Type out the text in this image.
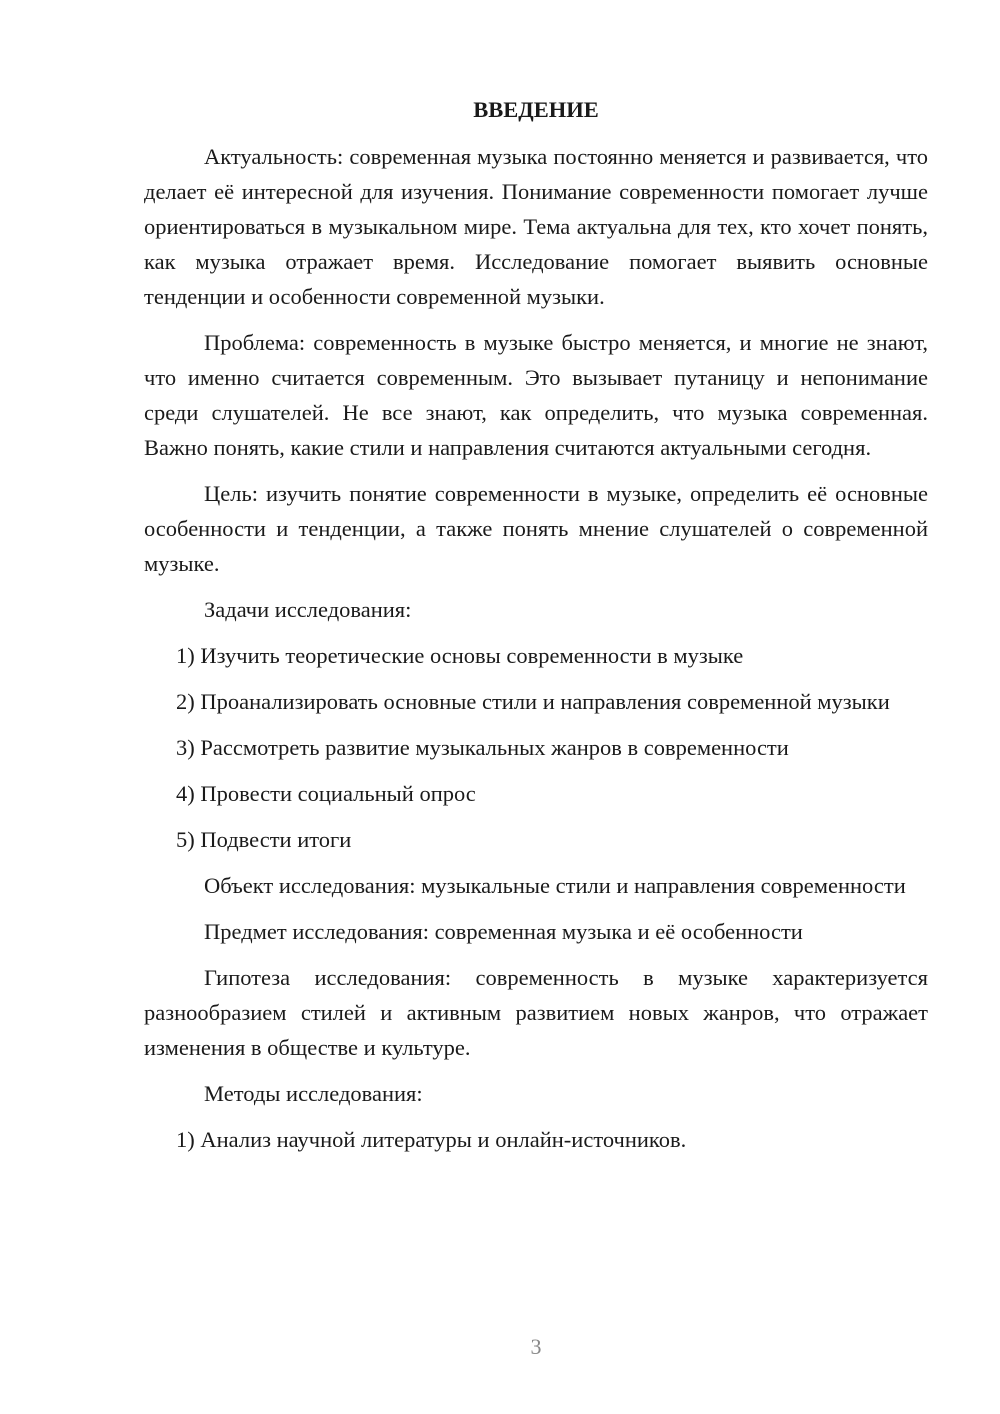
ВВЕДЕНИЕ

Актуальность: современная музыка постоянно меняется и развивается, что делает её интересной для изучения. Понимание современности помогает лучше ориентироваться в музыкальном мире. Тема актуальна для тех, кто хочет понять, как музыка отражает время. Исследование помогает выявить основные тенденции и особенности современной музыки.

Проблема: современность в музыке быстро меняется, и многие не знают, что именно считается современным. Это вызывает путаницу и непонимание среди слушателей. Не все знают, как определить, что музыка современная. Важно понять, какие стили и направления считаются актуальными сегодня.

Цель: изучить понятие современности в музыке, определить её основные особенности и тенденции, а также понять мнение слушателей о современной музыке.

Задачи исследования:

1) Изучить теоретические основы современности в музыке

2) Проанализировать основные стили и направления современной музыки

3) Рассмотреть развитие музыкальных жанров в современности

4) Провести социальный опрос

5) Подвести итоги

Объект исследования: музыкальные стили и направления современности

Предмет исследования: современная музыка и её особенности

Гипотеза исследования: современность в музыке характеризуется разнообразием стилей и активным развитием новых жанров, что отражает изменения в обществе и культуре.

Методы исследования:

1) Анализ научной литературы и онлайн-источников.

3
